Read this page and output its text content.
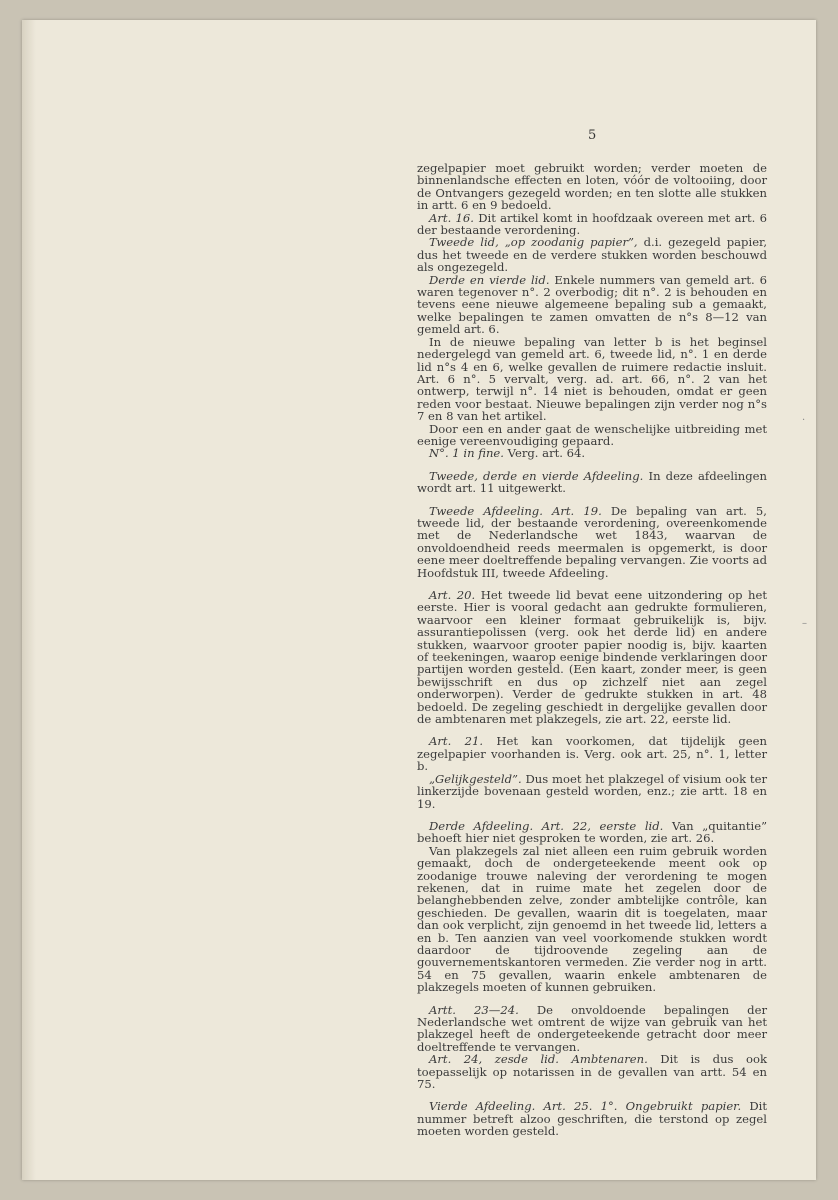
5

zegelpapier moet gebruikt worden; verder moeten de binnenlandsche effecten en loten, vóór de voltooiing, door de Ontvangers gezegeld worden; en ten slotte alle stukken in artt. 6 en 9 bedoeld.

Art. 16. Dit artikel komt in hoofdzaak overeen met art. 6 der bestaande verordening.

Tweede lid, „op zoodanig papier”, d.i. gezegeld papier, dus het tweede en de verdere stukken worden beschouwd als ongezegeld.

Derde en vierde lid. Enkele nummers van gemeld art. 6 waren tegenover n°. 2 overbodig; dit n°. 2 is behouden en tevens eene nieuwe algemeene bepaling sub a gemaakt, welke bepalingen te zamen omvatten de n°s 8—12 van gemeld art. 6.

In de nieuwe bepaling van letter b is het beginsel nedergelegd van gemeld art. 6, tweede lid, n°. 1 en derde lid n°s 4 en 6, welke gevallen de ruimere redactie insluit. Art. 6 n°. 5 vervalt, verg. ad. art. 66, n°. 2 van het ontwerp, terwijl n°. 14 niet is behouden, omdat er geen reden voor bestaat. Nieuwe bepalingen zijn verder nog n°s 7 en 8 van het artikel.

Door een en ander gaat de wenschelijke uitbreiding met eenige vereenvoudiging gepaard.

N°. 1 in fine. Verg. art. 64.

Tweede, derde en vierde Afdeeling. In deze afdeelingen wordt art. 11 uitgewerkt.

Tweede Afdeeling. Art. 19. De bepaling van art. 5, tweede lid, der bestaande verordening, overeenkomende met de Nederlandsche wet 1843, waarvan de onvoldoendheid reeds meermalen is opgemerkt, is door eene meer doeltreffende bepaling vervangen. Zie voorts ad Hoofdstuk III, tweede Afdeeling.

Art. 20. Het tweede lid bevat eene uitzondering op het eerste. Hier is vooral gedacht aan gedrukte formulieren, waarvoor een kleiner formaat gebruikelijk is, bijv. assurantiepolissen (verg. ook het derde lid) en andere stukken, waarvoor grooter papier noodig is, bijv. kaarten of teekeningen, waarop eenige bindende verklaringen door partijen worden gesteld. (Een kaart, zonder meer, is geen bewijsschrift en dus op zichzelf niet aan zegel onderworpen). Verder de gedrukte stukken in art. 48 bedoeld. De zegeling geschiedt in dergelijke gevallen door de ambtenaren met plakzegels, zie art. 22, eerste lid.

Art. 21. Het kan voorkomen, dat tijdelijk geen zegelpapier voorhanden is. Verg. ook art. 25, n°. 1, letter b.

„Gelijkgesteld”. Dus moet het plakzegel of visium ook ter linkerzijde bovenaan gesteld worden, enz.; zie artt. 18 en 19.

Derde Afdeeling. Art. 22, eerste lid. Van „quitantie” behoeft hier niet gesproken te worden, zie art. 26.

Van plakzegels zal niet alleen een ruim gebruik worden gemaakt, doch de ondergeteekende meent ook op zoodanige trouwe naleving der verordening te mogen rekenen, dat in ruime mate het zegelen door de belanghebbenden zelve, zonder ambtelijke contrôle, kan geschieden. De gevallen, waarin dit is toegelaten, maar dan ook verplicht, zijn genoemd in het tweede lid, letters a en b. Ten aanzien van veel voorkomende stukken wordt daardoor de tijdroovende zegeling aan de gouvernementskantoren vermeden. Zie verder nog in artt. 54 en 75 gevallen, waarin enkele ambtenaren de plakzegels moeten of kunnen gebruiken.

Artt. 23—24. De onvoldoende bepalingen der Nederlandsche wet omtrent de wijze van gebruik van het plakzegel heeft de ondergeteekende getracht door meer doeltreffende te vervangen.

Art. 24, zesde lid. Ambtenaren. Dit is dus ook toepasselijk op notarissen in de gevallen van artt. 54 en 75.

Vierde Afdeeling. Art. 25. 1°. Ongebruikt papier. Dit nummer betreft alzoo geschriften, die terstond op zegel moeten worden gesteld.

·
–
